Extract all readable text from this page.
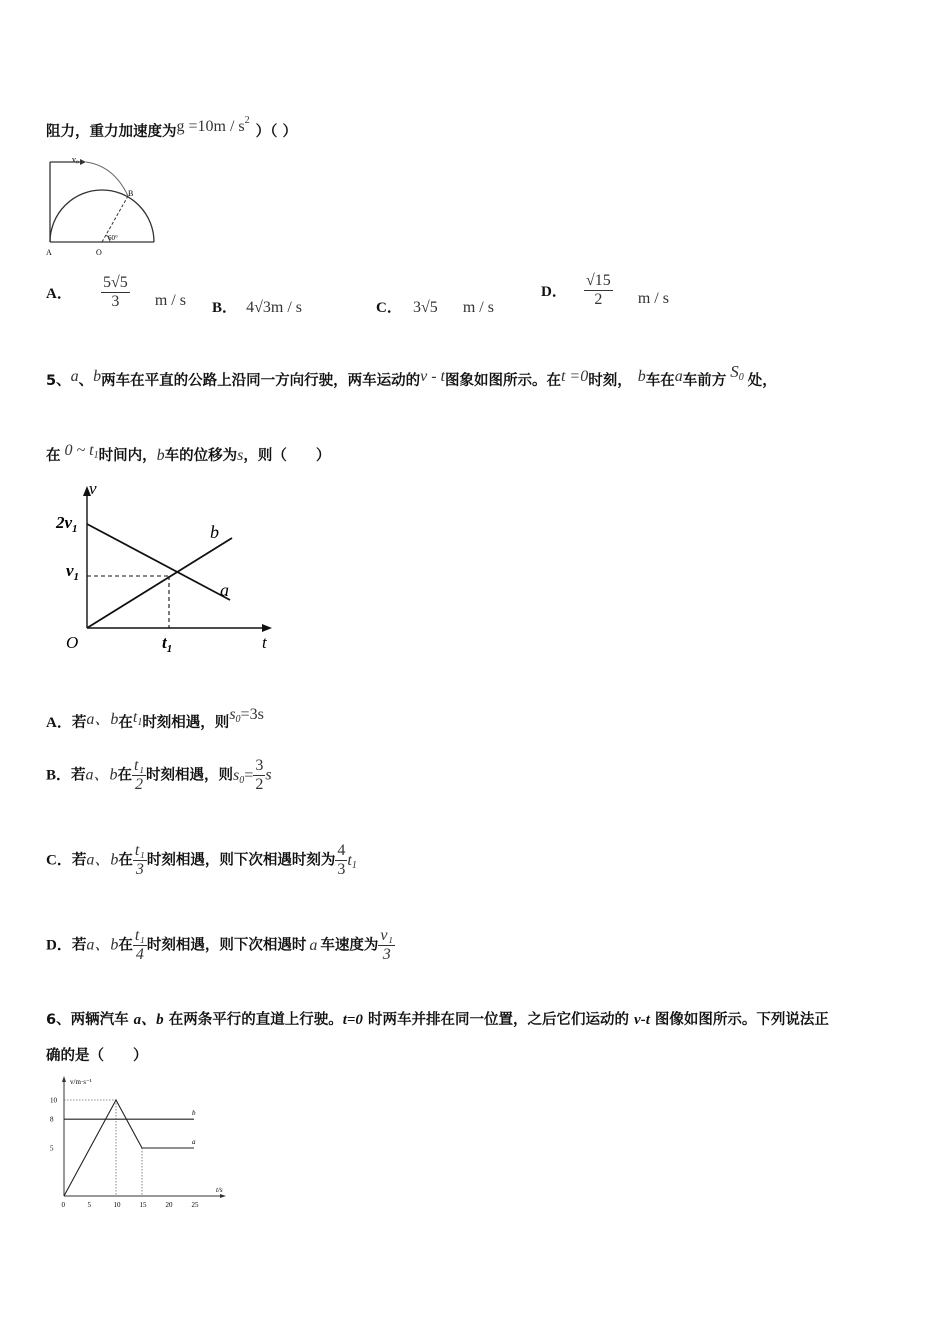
阻力，重力加速度为$g =10m / s^2$）（ ）
v₀
B
A	O
60°
A． $\frac{5√5}{3}$ m / s B． 4√3m / s	C． 3√5 m / s
D． $\frac{√15}{2}$ m / s
5、a、b两车在平直的公路上沿同一方向行驶，两车运动的v - t图象如图所示。在t =0时刻， b车在a车前方 $S_0$ 处，
在 0 ~ $t_1$时间内，b车的位移为s，则（　　）
v
t
O
$2v_1$
$v_1$
$t_1$
b
a
A．若a、b在$t_1$时刻相遇，则$s_0=3s$
B．若a、b在 $\frac{\text{t₁}}{2}$ 时刻相遇，则$s_0= \frac{3}{2}$ s
C．若a、b在 $\frac{\text{t₁}}{3}$ 时刻相遇，则下次相遇时刻为 $\frac{4}{3} t_1$
D．若a、b在 $\frac{\text{t₁}}{4}$ 时刻相遇，则下次相遇时 a 车速度为 $\frac{\text{v₁}}{3}$
6、两辆汽车 a、b 在两条平行的直道上行驶。t=0 时两车并排在同一位置，之后它们运动的 v-t 图像如图所示。下列说法正
确的是（　　）
a
b
v/m·s⁻¹
t/s
10
8
5
0	5	10	15	20	25
